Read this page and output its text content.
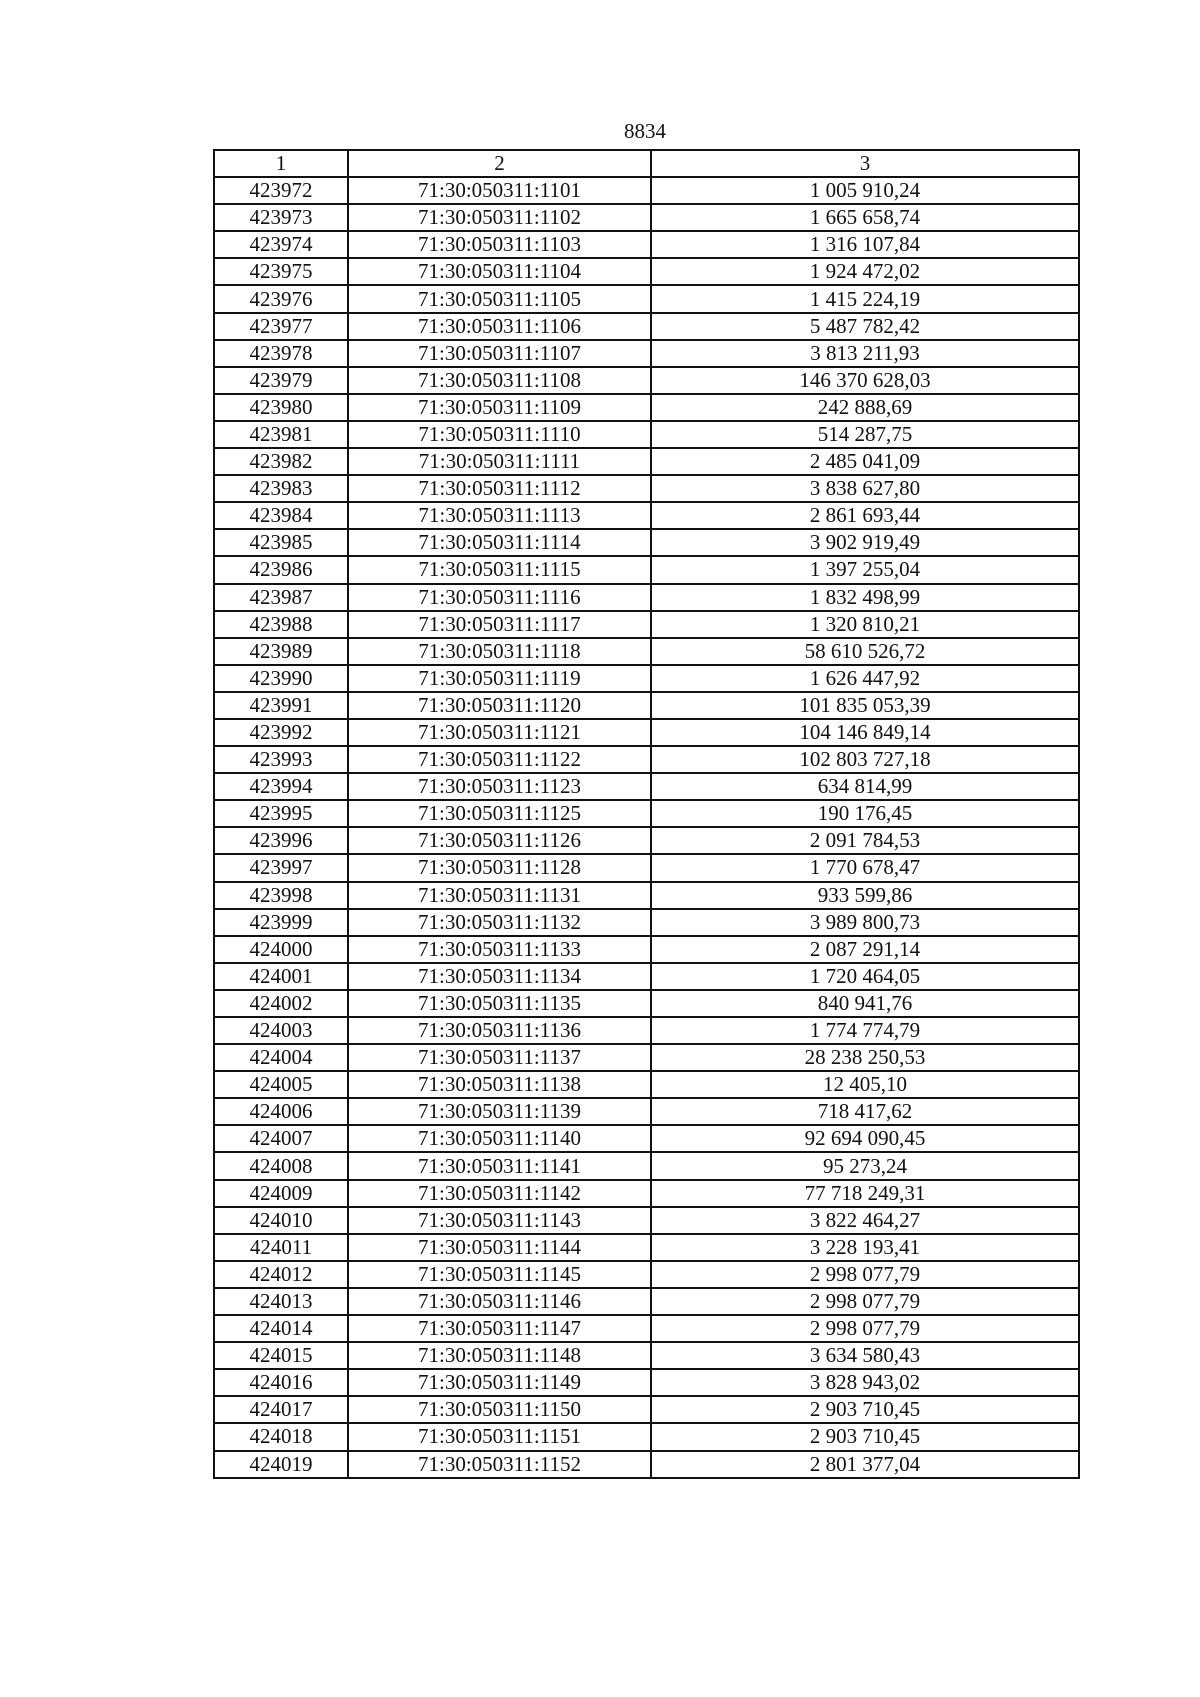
8834
1	2	3
423972	71:30:050311:1101	1 005 910,24
423973	71:30:050311:1102	1 665 658,74
423974	71:30:050311:1103	1 316 107,84
423975	71:30:050311:1104	1 924 472,02
423976	71:30:050311:1105	1 415 224,19
423977	71:30:050311:1106	5 487 782,42
423978	71:30:050311:1107	3 813 211,93
423979	71:30:050311:1108	146 370 628,03
423980	71:30:050311:1109	242 888,69
423981	71:30:050311:1110	514 287,75
423982	71:30:050311:1111	2 485 041,09
423983	71:30:050311:1112	3 838 627,80
423984	71:30:050311:1113	2 861 693,44
423985	71:30:050311:1114	3 902 919,49
423986	71:30:050311:1115	1 397 255,04
423987	71:30:050311:1116	1 832 498,99
423988	71:30:050311:1117	1 320 810,21
423989	71:30:050311:1118	58 610 526,72
423990	71:30:050311:1119	1 626 447,92
423991	71:30:050311:1120	101 835 053,39
423992	71:30:050311:1121	104 146 849,14
423993	71:30:050311:1122	102 803 727,18
423994	71:30:050311:1123	634 814,99
423995	71:30:050311:1125	190 176,45
423996	71:30:050311:1126	2 091 784,53
423997	71:30:050311:1128	1 770 678,47
423998	71:30:050311:1131	933 599,86
423999	71:30:050311:1132	3 989 800,73
424000	71:30:050311:1133	2 087 291,14
424001	71:30:050311:1134	1 720 464,05
424002	71:30:050311:1135	840 941,76
424003	71:30:050311:1136	1 774 774,79
424004	71:30:050311:1137	28 238 250,53
424005	71:30:050311:1138	12 405,10
424006	71:30:050311:1139	718 417,62
424007	71:30:050311:1140	92 694 090,45
424008	71:30:050311:1141	95 273,24
424009	71:30:050311:1142	77 718 249,31
424010	71:30:050311:1143	3 822 464,27
424011	71:30:050311:1144	3 228 193,41
424012	71:30:050311:1145	2 998 077,79
424013	71:30:050311:1146	2 998 077,79
424014	71:30:050311:1147	2 998 077,79
424015	71:30:050311:1148	3 634 580,43
424016	71:30:050311:1149	3 828 943,02
424017	71:30:050311:1150	2 903 710,45
424018	71:30:050311:1151	2 903 710,45
424019	71:30:050311:1152	2 801 377,04
